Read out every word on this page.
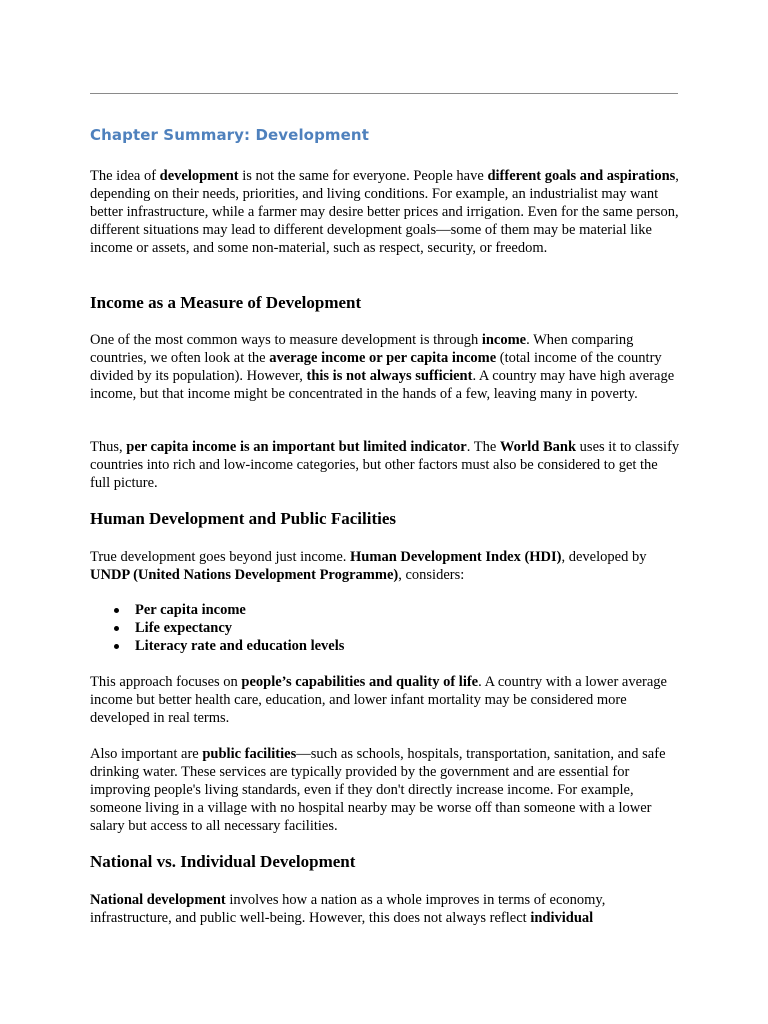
Chapter Summary: Development

The idea of development is not the same for everyone. People have different goals and aspirations, depending on their needs, priorities, and living conditions. For example, an industrialist may want better infrastructure, while a farmer may desire better prices and irrigation. Even for the same person, different situations may lead to different development goals—some of them may be material like income or assets, and some non-material, such as respect, security, or freedom.

Income as a Measure of Development

One of the most common ways to measure development is through income. When comparing countries, we often look at the average income or per capita income (total income of the country divided by its population). However, this is not always sufficient. A country may have high average income, but that income might be concentrated in the hands of a few, leaving many in poverty.

Thus, per capita income is an important but limited indicator. The World Bank uses it to classify countries into rich and low-income categories, but other factors must also be considered to get the full picture.

Human Development and Public Facilities

True development goes beyond just income. Human Development Index (HDI), developed by UNDP (United Nations Development Programme), considers:

Per capita income
Life expectancy
Literacy rate and education levels

This approach focuses on people’s capabilities and quality of life. A country with a lower average income but better health care, education, and lower infant mortality may be considered more developed in real terms.

Also important are public facilities—such as schools, hospitals, transportation, sanitation, and safe drinking water. These services are typically provided by the government and are essential for improving people's living standards, even if they don't directly increase income. For example, someone living in a village with no hospital nearby may be worse off than someone with a lower salary but access to all necessary facilities.

National vs. Individual Development

National development involves how a nation as a whole improves in terms of economy, infrastructure, and public well-being. However, this does not always reflect individual
